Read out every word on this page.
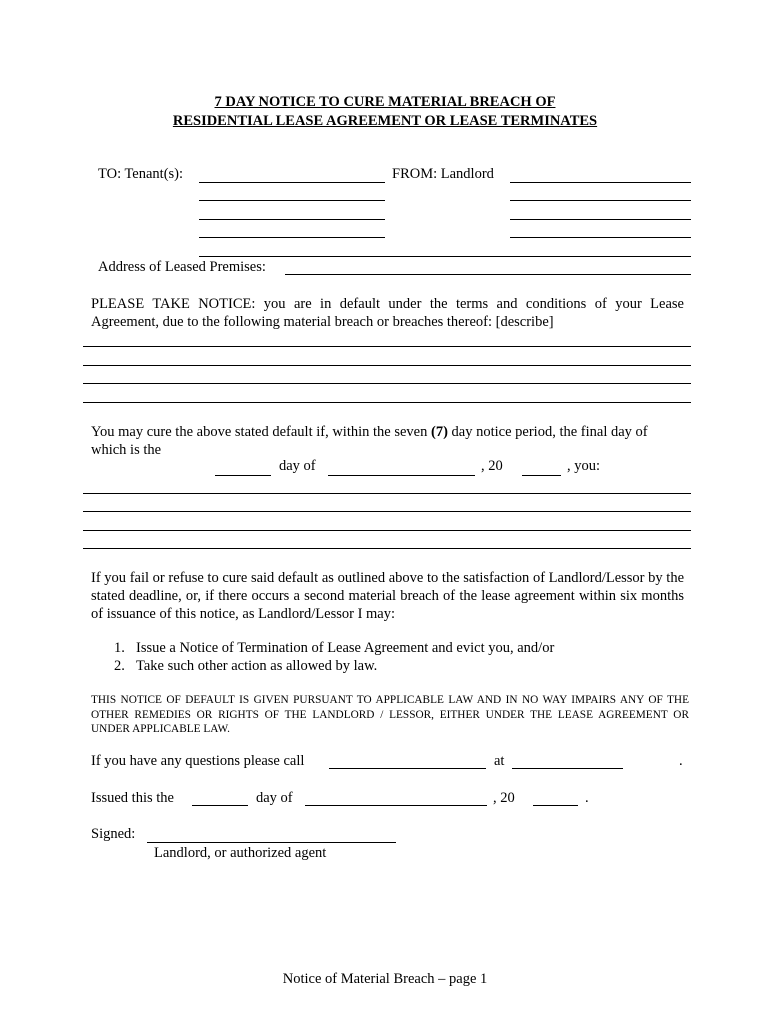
7 DAY NOTICE TO CURE MATERIAL BREACH OF
RESIDENTIAL LEASE AGREEMENT OR LEASE TERMINATES
TO: Tenant(s):	FROM: Landlord
Address of Leased Premises:
PLEASE TAKE NOTICE: you are in default under the terms and conditions of your Lease Agreement, due to the following material breach or breaches thereof: [describe]
You may cure the above stated default if, within the seven (7) day notice period, the final day of which is the
day of	, 20	, you:
If you fail or refuse to cure said default as outlined above to the satisfaction of Landlord/Lessor by the stated deadline, or, if there occurs a second material breach of the lease agreement within six months of issuance of this notice, as Landlord/Lessor I may:
1. Issue a Notice of Termination of Lease Agreement and evict you, and/or
2. Take such other action as allowed by law.
THIS NOTICE OF DEFAULT IS GIVEN PURSUANT TO APPLICABLE LAW AND IN NO WAY IMPAIRS ANY OF THE OTHER REMEDIES OR RIGHTS OF THE LANDLORD / LESSOR, EITHER UNDER THE LEASE AGREEMENT OR UNDER APPLICABLE LAW.
If you have any questions please call	at	.
Issued this the	day of	, 20	.
Signed:
Landlord, or authorized agent
Notice of Material Breach – page 1
